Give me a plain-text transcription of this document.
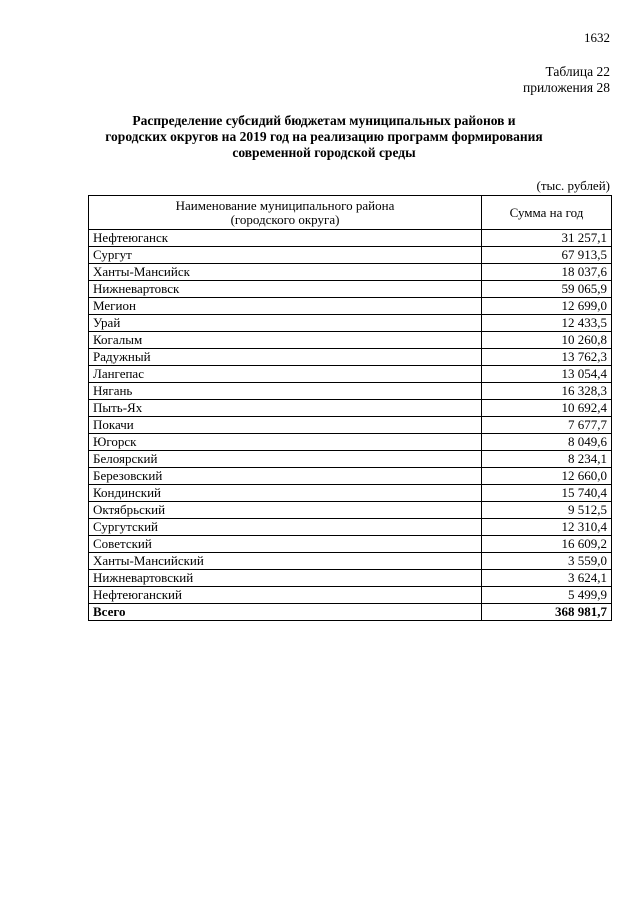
1632
Таблица 22
приложения 28
Распределение субсидий бюджетам муниципальных районов и городских округов на 2019 год на реализацию программ формирования современной городской среды
(тыс. рублей)
Наименование муниципального района
(городского округа)	Сумма на год
Нефтеюганск	31 257,1
Сургут	67 913,5
Ханты-Мансийск	18 037,6
Нижневартовск	59 065,9
Мегион	12 699,0
Урай	12 433,5
Когалым	10 260,8
Радужный	13 762,3
Лангепас	13 054,4
Нягань	16 328,3
Пыть-Ях	10 692,4
Покачи	7 677,7
Югорск	8 049,6
Белоярский	8 234,1
Березовский	12 660,0
Кондинский	15 740,4
Октябрьский	9 512,5
Сургутский	12 310,4
Советский	16 609,2
Ханты-Мансийский	3 559,0
Нижневартовский	3 624,1
Нефтеюганский	5 499,9
Всего	368 981,7
